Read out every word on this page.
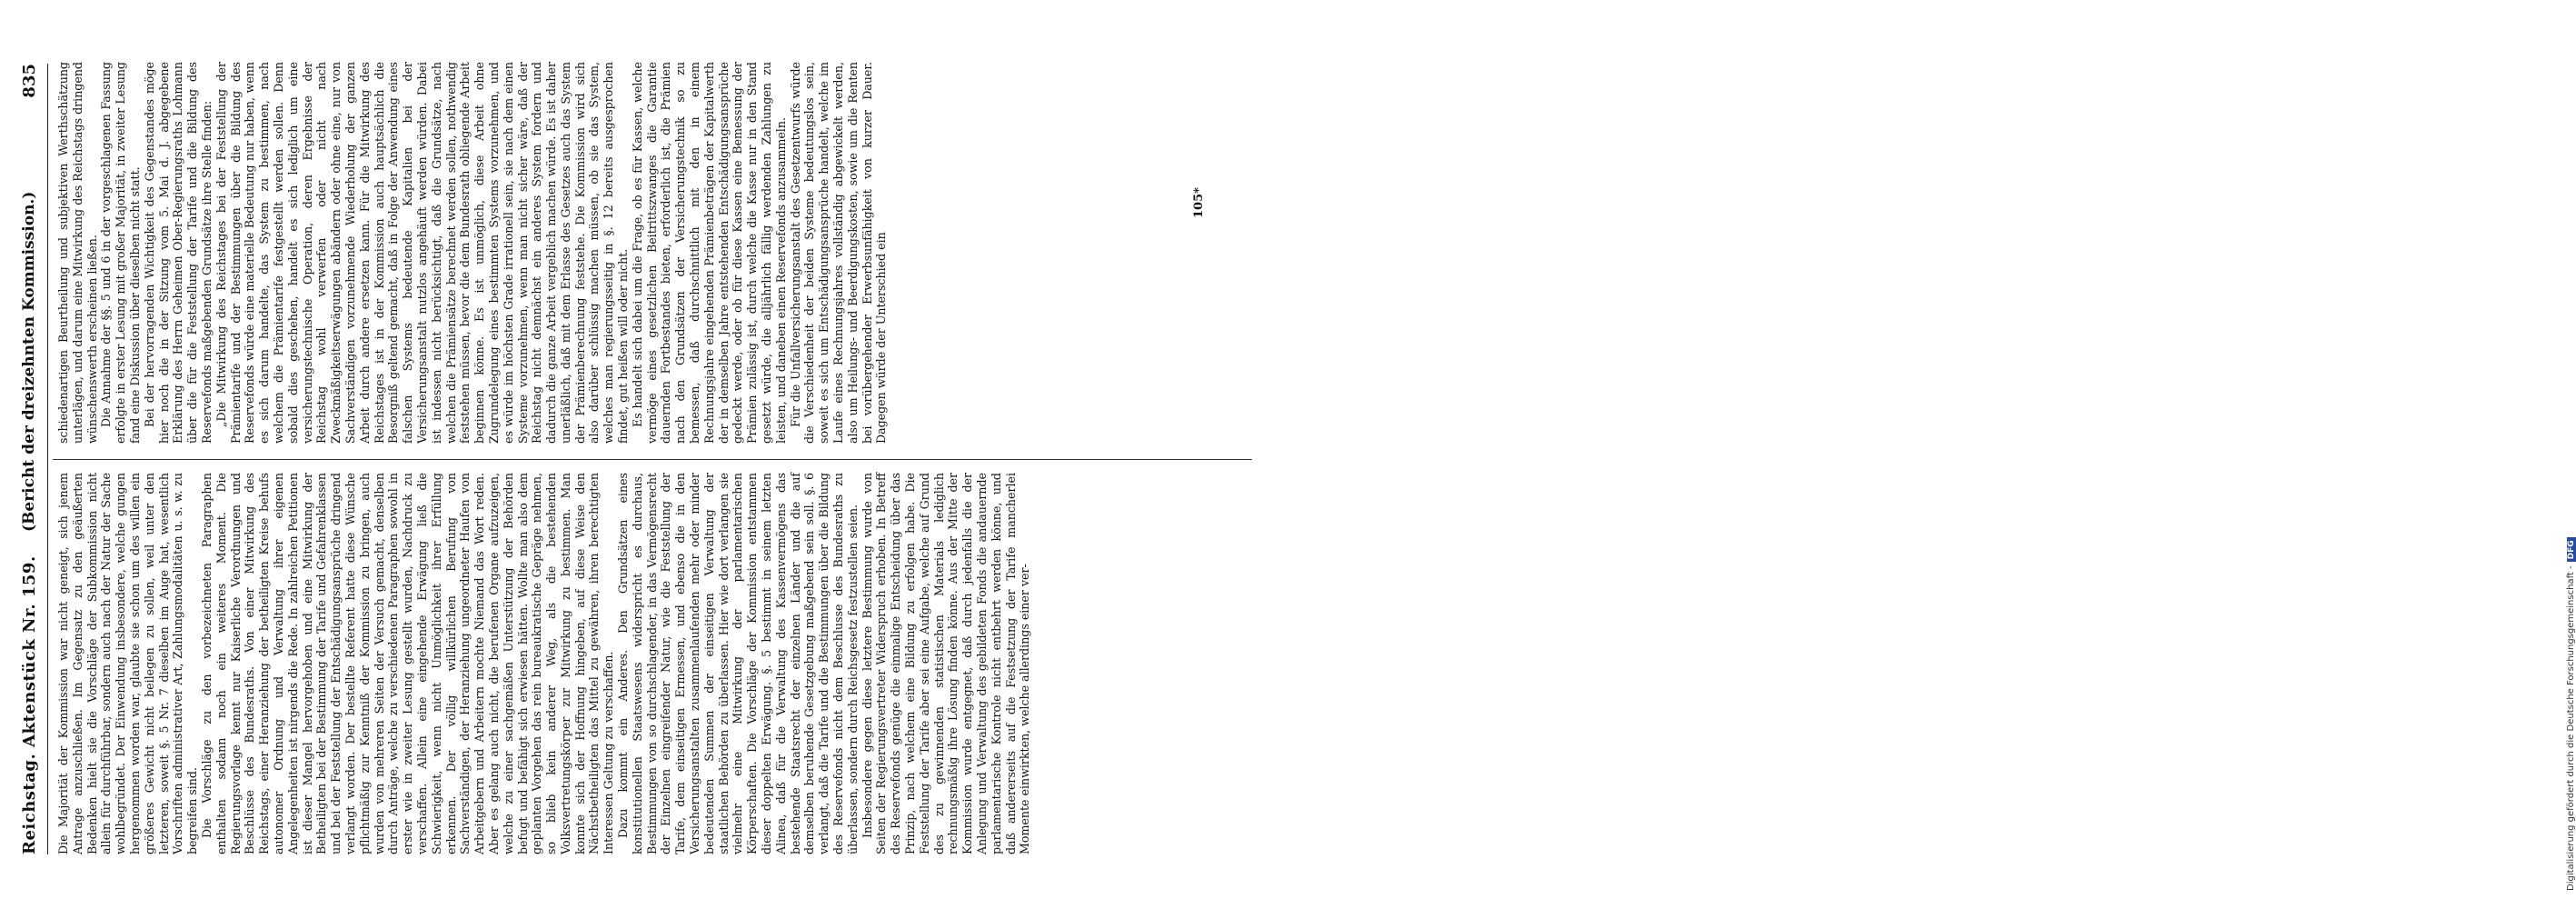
Reichstag. Aktenstück Nr. 159.
(Bericht der dreizehnten Kommission.)
835

Die Majorität der Kommission war nicht geneigt, sich jenem Antrage anzuschließen. Im Gegensatz zu den geäußerten Bedenken hielt sie die Vorschläge der Subkommission nicht allein für durchführbar, sondern auch nach der Natur der Sache wohlbegründet. Der Einwendung insbesondere, welche gungen hergenommen worden war, glaubte sie schon um des willen ein größeres Gewicht nicht beilegen zu sollen, weil unter den letzteren, soweit §. 5 Nr. 7 dieselben im Auge hat, wesentlich Vorschriften administrativer Art, Zahlungsmodalitäten u. s. w. zu begreifen sind. Die Vorschläge zu den vorbezeichneten Paragraphen enthalten sodann noch ein weiteres Moment. Die Regierungsvorlage kennt nur Kaiserliche Verordnungen und Beschlüsse des Bundesraths. Von einer Mitwirkung des Reichstags, einer Heranziehung der betheiligten Kreise behufs autonomer Ordnung und Verwaltung ihrer eigenen Angelegenheiten ist nirgends die Rede. In zahlreichen Petitionen ist dieser Mangel hervorgehoben und eine Mitwirkung der Betheiligten bei der Bestimmung der Tarife und Gefahrenklassen und bei der Feststellung der Entschädigungsansprüche dringend verlangt worden. Der bestellte Referent hatte diese Wünsche pflichtmäßig zur Kenntniß der Kommission zu bringen, auch wurden von mehreren Seiten der Versuch gemacht, denselben durch Anträge, welche zu verschiedenen Paragraphen sowohl in erster wie in zweiter Lesung gestellt wurden, Nachdruck zu verschaffen. Allein eine eingehende Erwägung ließ die Schwierigkeit, wenn nicht Unmöglichkeit ihrer Erfüllung erkennen. Der völlig willkürlichen Berufung von Sachverständigen, der Heranziehung ungeordneter Haufen von Arbeitgebern und Arbeitern mochte Niemand das Wort reden. Aber es gelang auch nicht, die berufenen Organe aufzuzeigen, welche zu einer sachgemäßen Unterstützung der Behörden befugt und befähigt sich erwiesen hätten. Wollte man also dem geplanten Vorgehen das rein bureaukratische Gepräge nehmen, so blieb kein anderer Weg, als die bestehenden Volksvertretungskörper zur Mitwirkung zu bestimmen. Man konnte sich der Hoffnung hingeben, auf diese Weise den Nächstbetheiligten das Mittel zu gewähren, ihren berechtigten Interessen Geltung zu verschaffen. Dazu kommt ein Anderes. Den Grundsätzen eines konstitutionellen Staatswesens widerspricht es durchaus, Bestimmungen von so durchschlagender, in das Vermögensrecht der Einzelnen eingreifender Natur, wie die Feststellung der Tarife, dem einseitigen Ermessen, und ebenso die in den Versicherungsanstalten zusammenlaufenden mehr oder minder bedeutenden Summen der einseitigen Verwaltung der staatlichen Behörden zu überlassen. Hier wie dort verlangen sie vielmehr eine Mitwirkung der parlamentarischen Körperschaften. Die Vorschläge der Kommission entstammen dieser doppelten Erwägung. §. 5 bestimmt in seinem letzten Alinea, daß für die Verwaltung des Kassenvermögens das bestehende Staatsrecht der einzelnen Länder und die auf demselben beruhende Gesetzgebung maßgebend sein soll. §. 6 verlangt, daß die Tarife und die Bestimmungen über die Bildung des Reservefonds nicht dem Beschlusse des Bundesraths zu überlassen, sondern durch Reichsgesetz festzustellen seien. Insbesondere gegen diese letztere Bestimmung wurde von Seiten der Regierungsvertreter Widerspruch erhoben. In Betreff des Reservefonds genüge die einmalige Entscheidung über das Prinzip, nach welchem eine Bildung zu erfolgen habe. Die Feststellung der Tarife aber sei eine Aufgabe, welche auf Grund des zu gewinnenden statistischen Materials lediglich rechnungsmäßig ihre Lösung finden könne. Aus der Mitte der Kommission wurde entgegnet, daß durch jedenfalls die der Anlegung und Verwaltung des gebildeten Fonds die andauernde parlamentarische Kontrole nicht entbehrt werden könne, und daß andererseits auf die Festsetzung der Tarife mancherlei Momente einwirkten, welche allerdings einer ver-

schiedenartigen Beurtheilung und subjektiven Werthschätzung unterlägen, und darum eine Mitwirkung des Reichstags dringend wünschenswerth erscheinen ließen. Die Annahme der §§. 5 und 6 in der vorgeschlagenen Fassung erfolgte in erster Lesung mit großer Majorität, in zweiter Lesung fand eine Diskussion über dieselben nicht statt. Bei der hervorragenden Wichtigkeit des Gegenstandes möge hier noch die in der Sitzung vom 5. Mai d. J. abgegebene Erklärung des Herrn Geheimen Ober-Regierungsraths Lohmann über die für die Feststellung der Tarife und die Bildung des Reservefonds maßgebenden Grundsätze ihre Stelle finden: „Die Mitwirkung des Reichstages bei der Feststellung der Prämientarife und der Bestimmungen über die Bildung des Reservefonds würde eine materielle Bedeutung nur haben, wenn es sich darum handelte, das System zu bestimmen, nach welchem die Prämientarife festgestellt werden sollen. Denn sobald dies geschehen, handelt es sich lediglich um eine versicherungstechnische Operation, deren Ergebnisse der Reichstag wohl verwerfen oder nicht nach Zweckmäßigkeitserwägungen abändern oder ohne eine, nur von Sachverständigen vorzunehmende Wiederholung der ganzen Arbeit durch andere ersetzen kann. Für die Mitwirkung des Reichstages ist in der Kommission auch hauptsächlich die Besorgniß geltend gemacht, daß in Folge der Anwendung eines falschen Systems bedeutende Kapitalien bei der Versicherungsanstalt nutzlos angehäuft werden würden. Dabei ist indessen nicht berücksichtigt, daß die Grundsätze, nach welchen die Prämiensätze berechnet werden sollen, nothwendig feststehen müssen, bevor die dem Bundesrath obliegende Arbeit beginnen könne. Es ist unmöglich, diese Arbeit ohne Zugrundelegung eines bestimmten Systems vorzunehmen, und es würde im höchsten Grade irrationell sein, sie nach dem einen Systeme vorzunehmen, wenn man nicht sicher wäre, daß der Reichstag nicht demnächst ein anderes System fordern und dadurch die ganze Arbeit vergeblich machen würde. Es ist daher unerläßlich, daß mit dem Erlasse des Gesetzes auch das System der Prämienberechnung feststehe. Die Kommission wird sich also darüber schlüssig machen müssen, ob sie das System, welches man regierungsseitig in §. 12 bereits ausgesprochen findet, gut heißen will oder nicht. Es handelt sich dabei um die Frage, ob es für Kassen, welche vermöge eines gesetzlichen Beitrittszwanges die Garantie dauernden Fortbestandes bieten, erforderlich ist, die Prämien nach den Grundsätzen der Versicherungstechnik so zu bemessen, daß durchschnittlich mit den in einem Rechnungsjahre eingehenden Prämienbeträgen der Kapitalwerth der in demselben Jahre entstehenden Entschädigungsansprüche gedeckt werde, oder ob für diese Kassen eine Bemessung der Prämien zulässig ist, durch welche die Kasse nur in den Stand gesetzt würde, die alljährlich fällig werdenden Zahlungen zu leisten, und daneben einen Reservefonds anzusammeln. Für die Unfallversicherungsanstalt des Gesetzentwurfs würde die Verschiedenheit der beiden Systeme bedeutungslos sein, soweit es sich um Entschädigungsansprüche handelt, welche im Laufe eines Rechnungsjahres vollständig abgewickelt werden, also um Heilungs- und Beerdigungskosten, sowie um die Renten bei vorübergehender Erwerbsunfähigkeit von kurzer Dauer. Dagegen würde der Unterschied ein

105*
Digitalisierung gefördert durch die Deutsche Forschungsgemeinschaft -DFG
